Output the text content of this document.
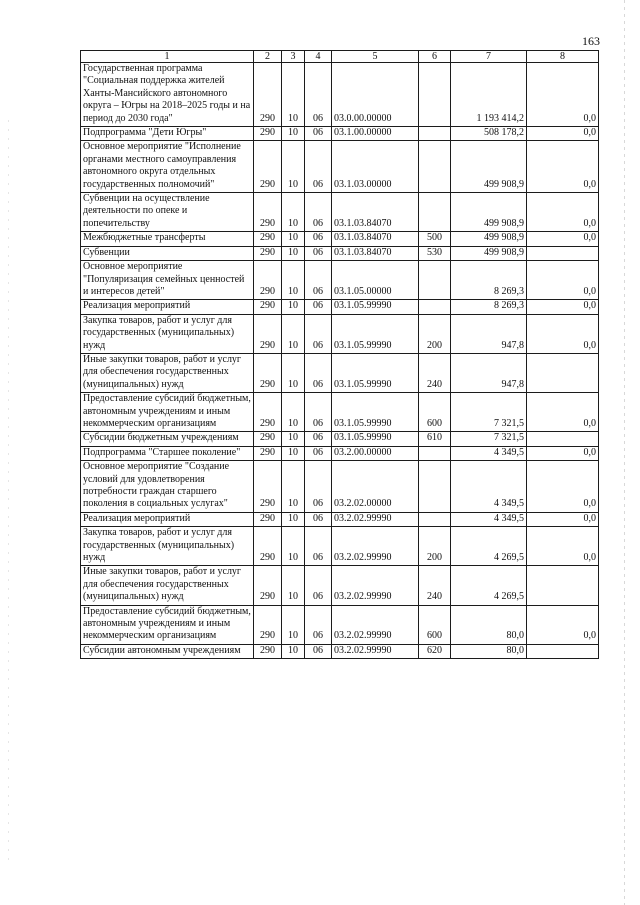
163
1	2	3	4	5	6	7	8
Государственная программа "Социальная поддержка жителей Ханты-Мансийского автономного округа – Югры на 2018–2025 годы и на период до 2030 года"	290	10	06	03.0.00.00000		1 193 414,2	0,0
Подпрограмма "Дети Югры"	290	10	06	03.1.00.00000		508 178,2	0,0
Основное мероприятие "Исполнение органами местного самоуправления автономного округа отдельных государственных полномочий"	290	10	06	03.1.03.00000		499 908,9	0,0
Субвенции на осуществление деятельности по опеке и попечительству	290	10	06	03.1.03.84070		499 908,9	0,0
Межбюджетные трансферты	290	10	06	03.1.03.84070	500	499 908,9	0,0
Субвенции	290	10	06	03.1.03.84070	530	499 908,9	
Основное мероприятие "Популяризация семейных ценностей и интересов детей"	290	10	06	03.1.05.00000		8 269,3	0,0
Реализация мероприятий	290	10	06	03.1.05.99990		8 269,3	0,0
Закупка товаров, работ и услуг для государственных (муниципальных) нужд	290	10	06	03.1.05.99990	200	947,8	0,0
Иные закупки товаров, работ и услуг для обеспечения государственных (муниципальных) нужд	290	10	06	03.1.05.99990	240	947,8	
Предоставление субсидий бюджетным, автономным учреждениям и иным некоммерческим организациям	290	10	06	03.1.05.99990	600	7 321,5	0,0
Субсидии бюджетным учреждениям	290	10	06	03.1.05.99990	610	7 321,5	
Подпрограмма "Старшее поколение"	290	10	06	03.2.00.00000		4 349,5	0,0
Основное мероприятие "Создание условий для удовлетворения потребности граждан старшего поколения в социальных услугах"	290	10	06	03.2.02.00000		4 349,5	0,0
Реализация мероприятий	290	10	06	03.2.02.99990		4 349,5	0,0
Закупка товаров, работ и услуг для государственных (муниципальных) нужд	290	10	06	03.2.02.99990	200	4 269,5	0,0
Иные закупки товаров, работ и услуг для обеспечения государственных (муниципальных) нужд	290	10	06	03.2.02.99990	240	4 269,5	
Предоставление субсидий бюджетным, автономным учреждениям и иным некоммерческим организациям	290	10	06	03.2.02.99990	600	80,0	0,0
Субсидии автономным учреждениям	290	10	06	03.2.02.99990	620	80,0	
